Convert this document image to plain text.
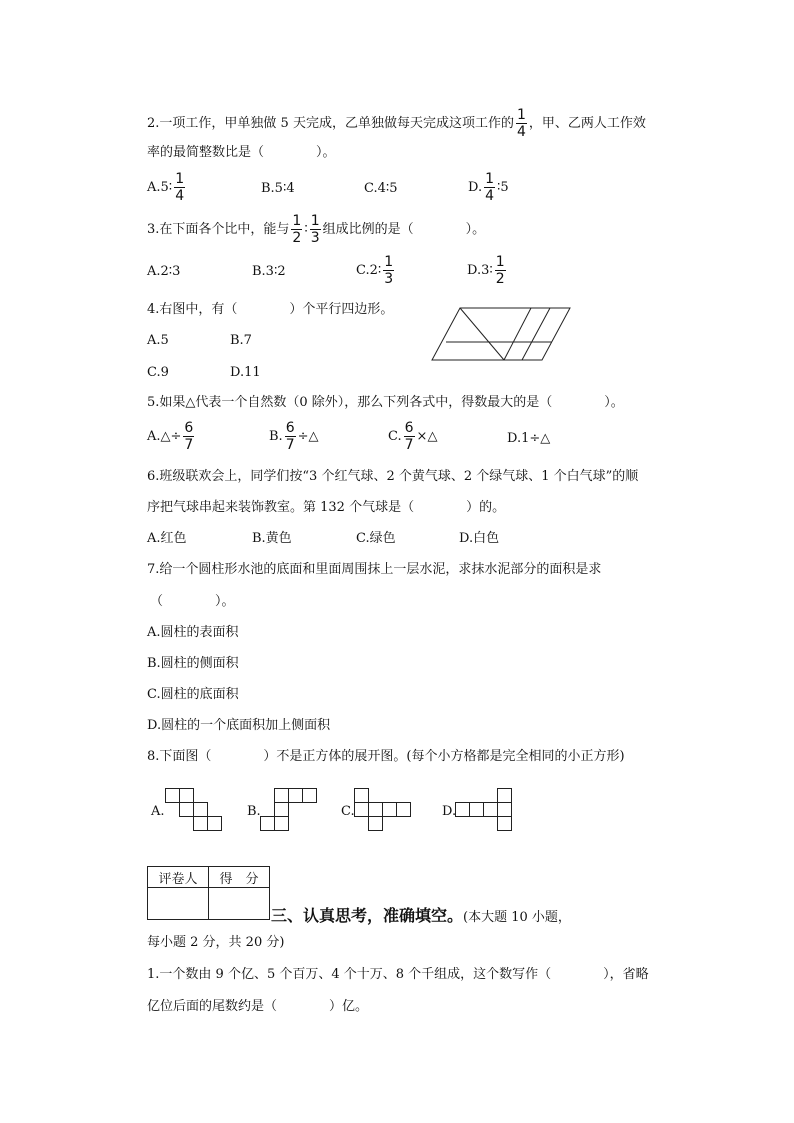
2.一项工作，甲单独做 5 天完成，乙单独做每天完成这项工作的 $\frac{1}{4}$ ，甲、乙两人工作效
率的最简整数比是（　　　　）。
A.5∶ $\frac{1}{4}$	B.5∶4	C.4∶5	D. $\frac{1}{4}$ ∶5
3.在下面各个比中，能与 $\frac{1}{2}$ ∶ $\frac{1}{3}$ 组成比例的是（　　　　）。
A.2∶3	B.3∶2	C.2∶ $\frac{1}{3}$	D.3∶ $\frac{1}{2}$
4.右图中，有（　　　　）个平行四边形。
A.5	B.7
C.9	D.11
5.如果△代表一个自然数（0 除外），那么下列各式中，得数最大的是（　　　　）。
A.△÷ $\frac{6}{7}$	B. $\frac{6}{7}$ ÷△	C. $\frac{6}{7}$ ×△	D.1÷△
6.班级联欢会上，同学们按“3 个红气球、2 个黄气球、2 个绿气球、1 个白气球”的顺
序把气球串起来装饰教室。第 132 个气球是（　　　　）的。
A.红色	B.黄色	C.绿色	D.白色
7.给一个圆柱形水池的底面和里面周围抹上一层水泥，求抹水泥部分的面积是求
（　　　　）。
A.圆柱的表面积
B.圆柱的侧面积
C.圆柱的底面积
D.圆柱的一个底面积加上侧面积
8.下面图（　　　　）不是正方体的展开图。(每个小方格都是完全相同的小正方形)
A.	B.	C.	D.
评卷人	得　分

三、认真思考，准确填空。(本大题 10 小题，
每小题 2 分，共 20 分)
1.一个数由 9 个亿、5 个百万、4 个十万、8 个千组成，这个数写作（　　　　），省略
亿位后面的尾数约是（　　　　）亿。
